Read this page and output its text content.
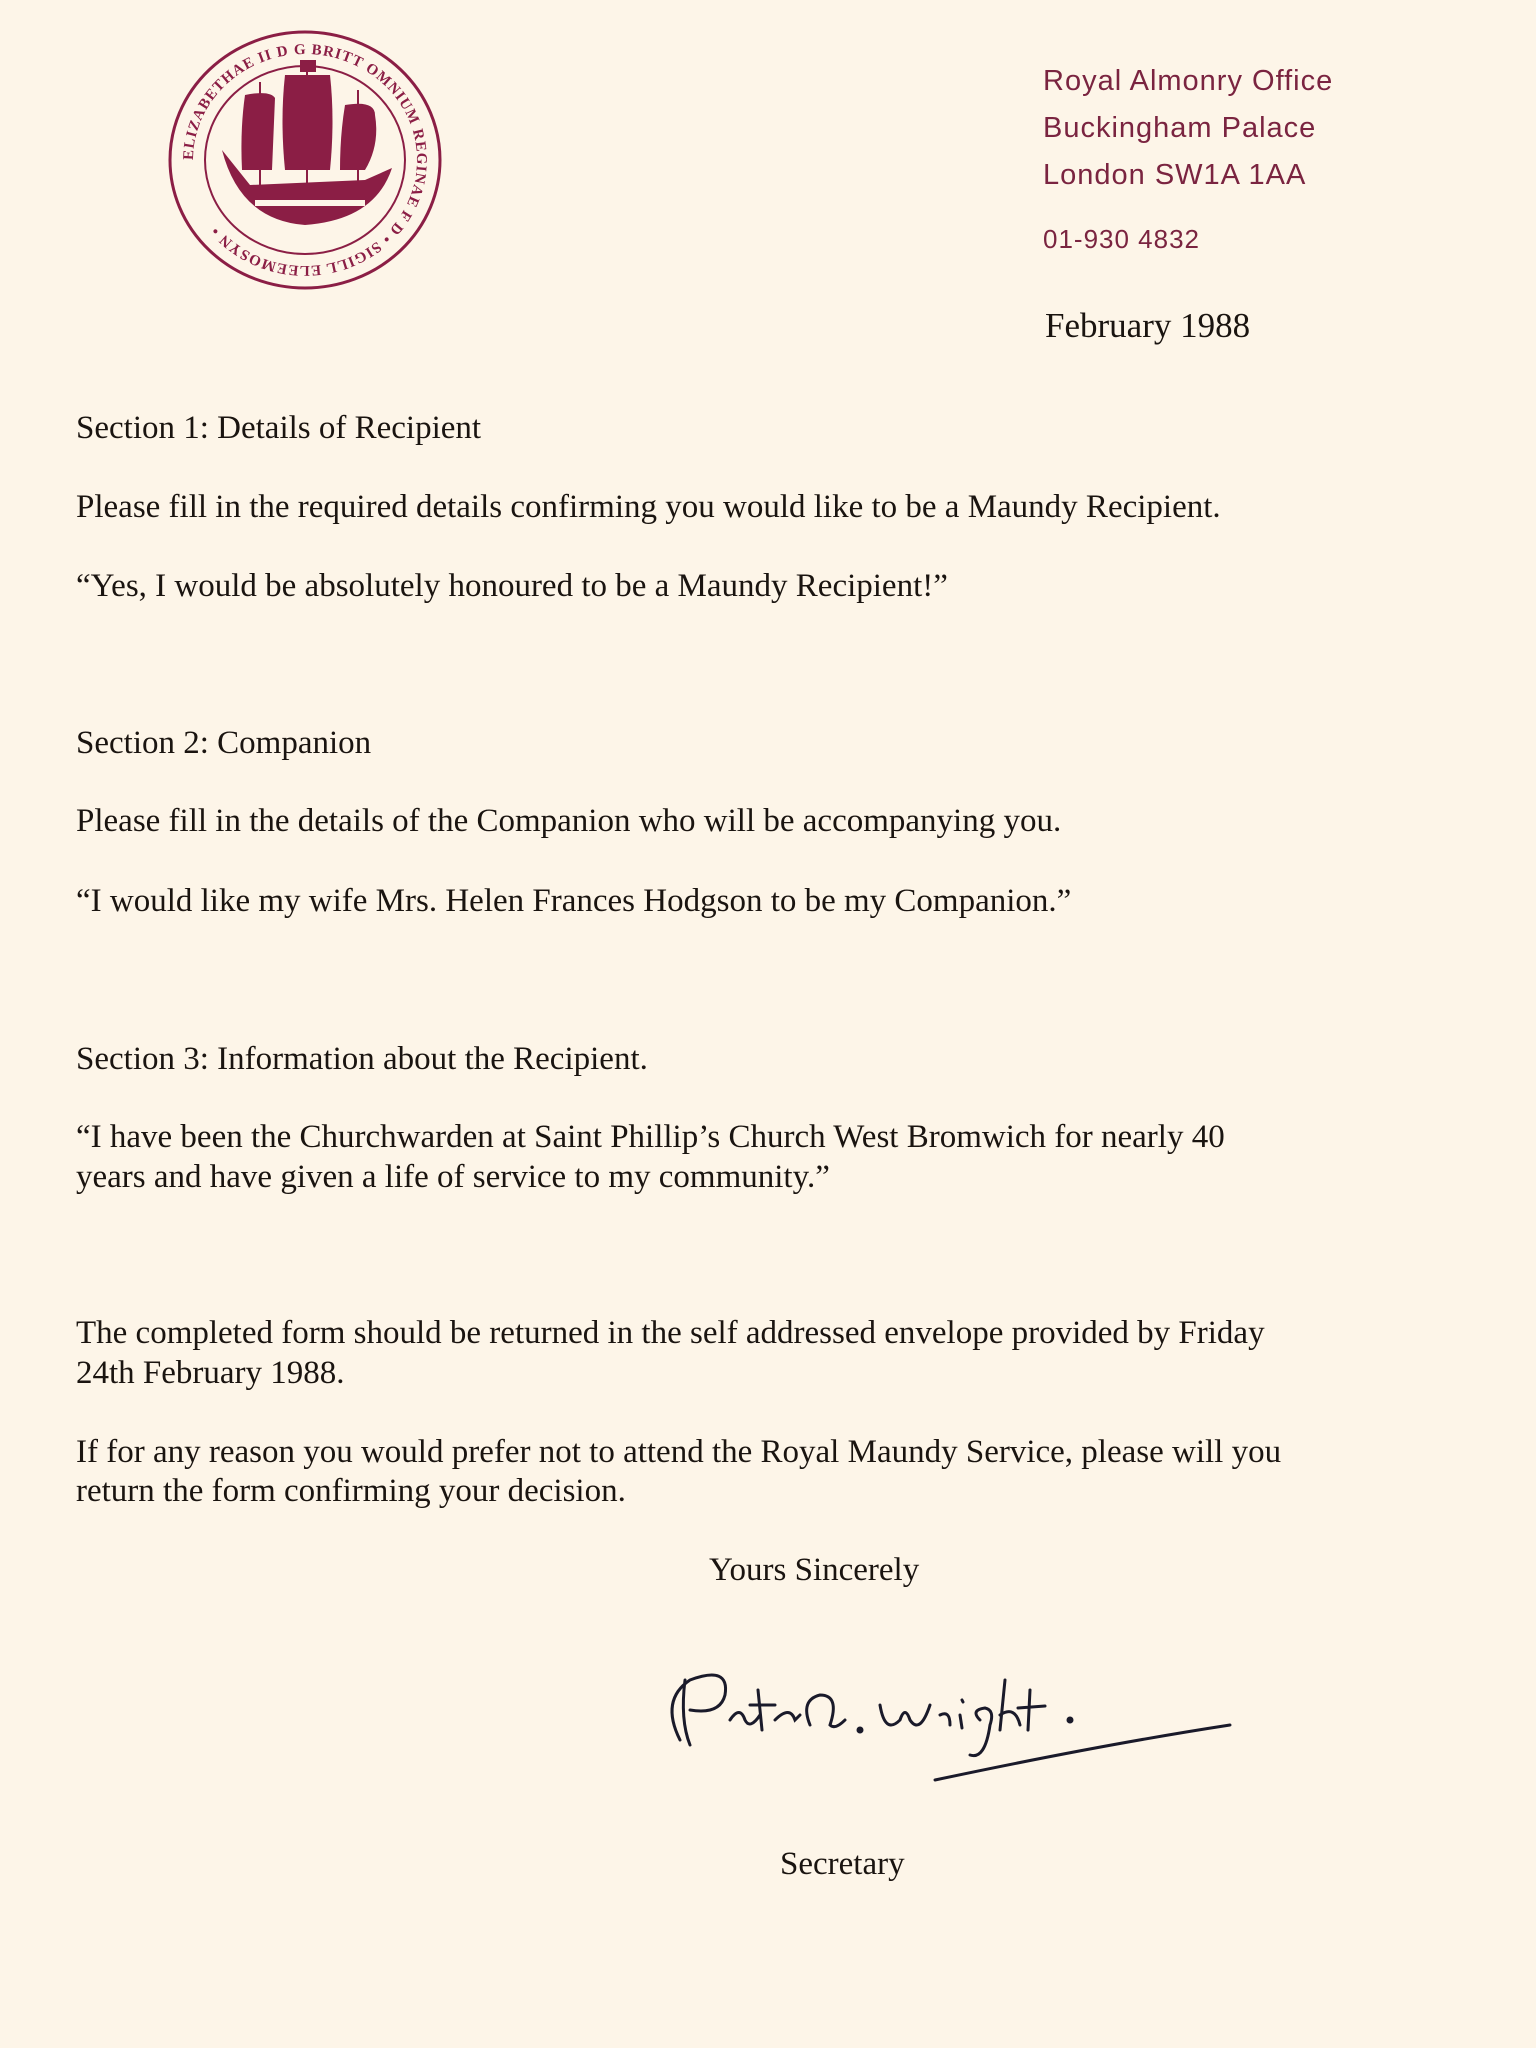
ELIZABETHAE II D G BRITT OMNIUM REGINAE F D • SIGILL ELEEMOSYN •
Royal Almonry Office
Buckingham Palace
London SW1A 1AA
01-930 4832
February 1988
Section 1: Details of Recipient
Please fill in the required details confirming you would like to be a Maundy Recipient.
“Yes, I would be absolutely honoured to be a Maundy Recipient!”
Section 2: Companion
Please fill in the details of the Companion who will be accompanying you.
“I would like my wife Mrs. Helen Frances Hodgson to be my Companion.”
Section 3: Information about the Recipient.
“I have been the Churchwarden at Saint Phillip’s Church West Bromwich for nearly 40
years and have given a life of service to my community.”
The completed form should be returned in the self addressed envelope provided by Friday
24th February 1988.
If for any reason you would prefer not to attend the Royal Maundy Service, please will you
return the form confirming your decision.
Yours Sincerely
Secretary
